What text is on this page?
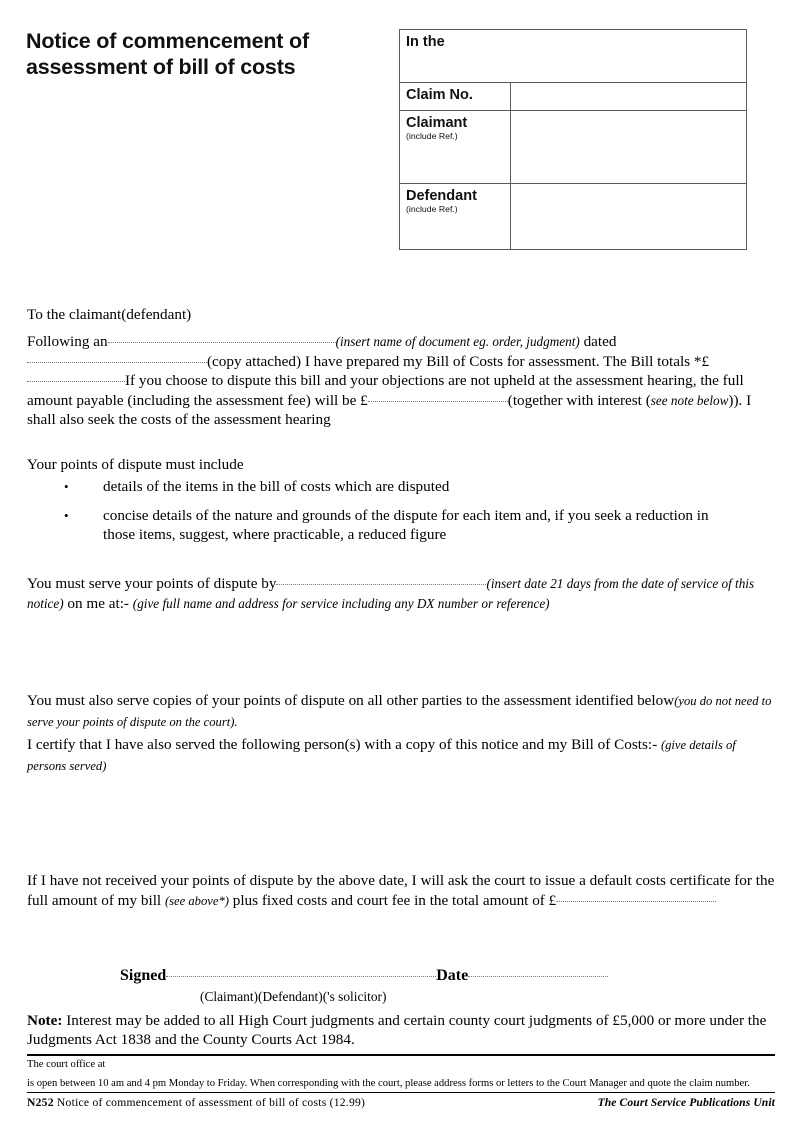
Notice of commencement of
assessment of bill of costs
In the
Claim No.
Claimant
(include Ref.)
Defendant
(include Ref.)
To the claimant(defendant)
Following an	(insert name of document eg. order, judgment) dated(copy attached) I have prepared my Bill of Costs for assessment. The Bill totals *£If you choose to dispute this bill and your objections are not upheld at the assessment hearing, the full amount payable (including the assessment fee) will be £	(together with interest (see note below)). I shall also seek the costs of the assessment hearing
Your points of dispute must include
•	details of the items in the bill of costs which are disputed
•	concise details of the nature and grounds of the dispute for each item and, if you seek a reduction in those items, suggest, where practicable, a reduced figure
You must serve your points of dispute by	(insert date 21 days from the date of service of this notice) on me at:- (give full name and address for service including any DX number or reference)
You must also serve copies of your points of dispute on all other parties to the assessment identified below(you do not need to serve your points of dispute on the court).
I certify that I have also served the following person(s) with a copy of this notice and my Bill of Costs:- (give details of persons served)
If I have not received your points of dispute by the above date, I will ask the court to issue a default costs certificate for the full amount of my bill (see above*) plus fixed costs and court fee in the total amount of £
Signed	Date
(Claimant)(Defendant)('s solicitor)
Note: Interest may be added to all High Court judgments and certain county court judgments of £5,000 or more under the Judgments Act 1838 and the County Courts Act 1984.
The court office at
is open between 10 am and 4 pm Monday to Friday. When corresponding with the court, please address forms or letters to the Court Manager and quote the claim number.
N252 Notice of commencement of assessment of bill of costs (12.99)	The Court Service Publications Unit
